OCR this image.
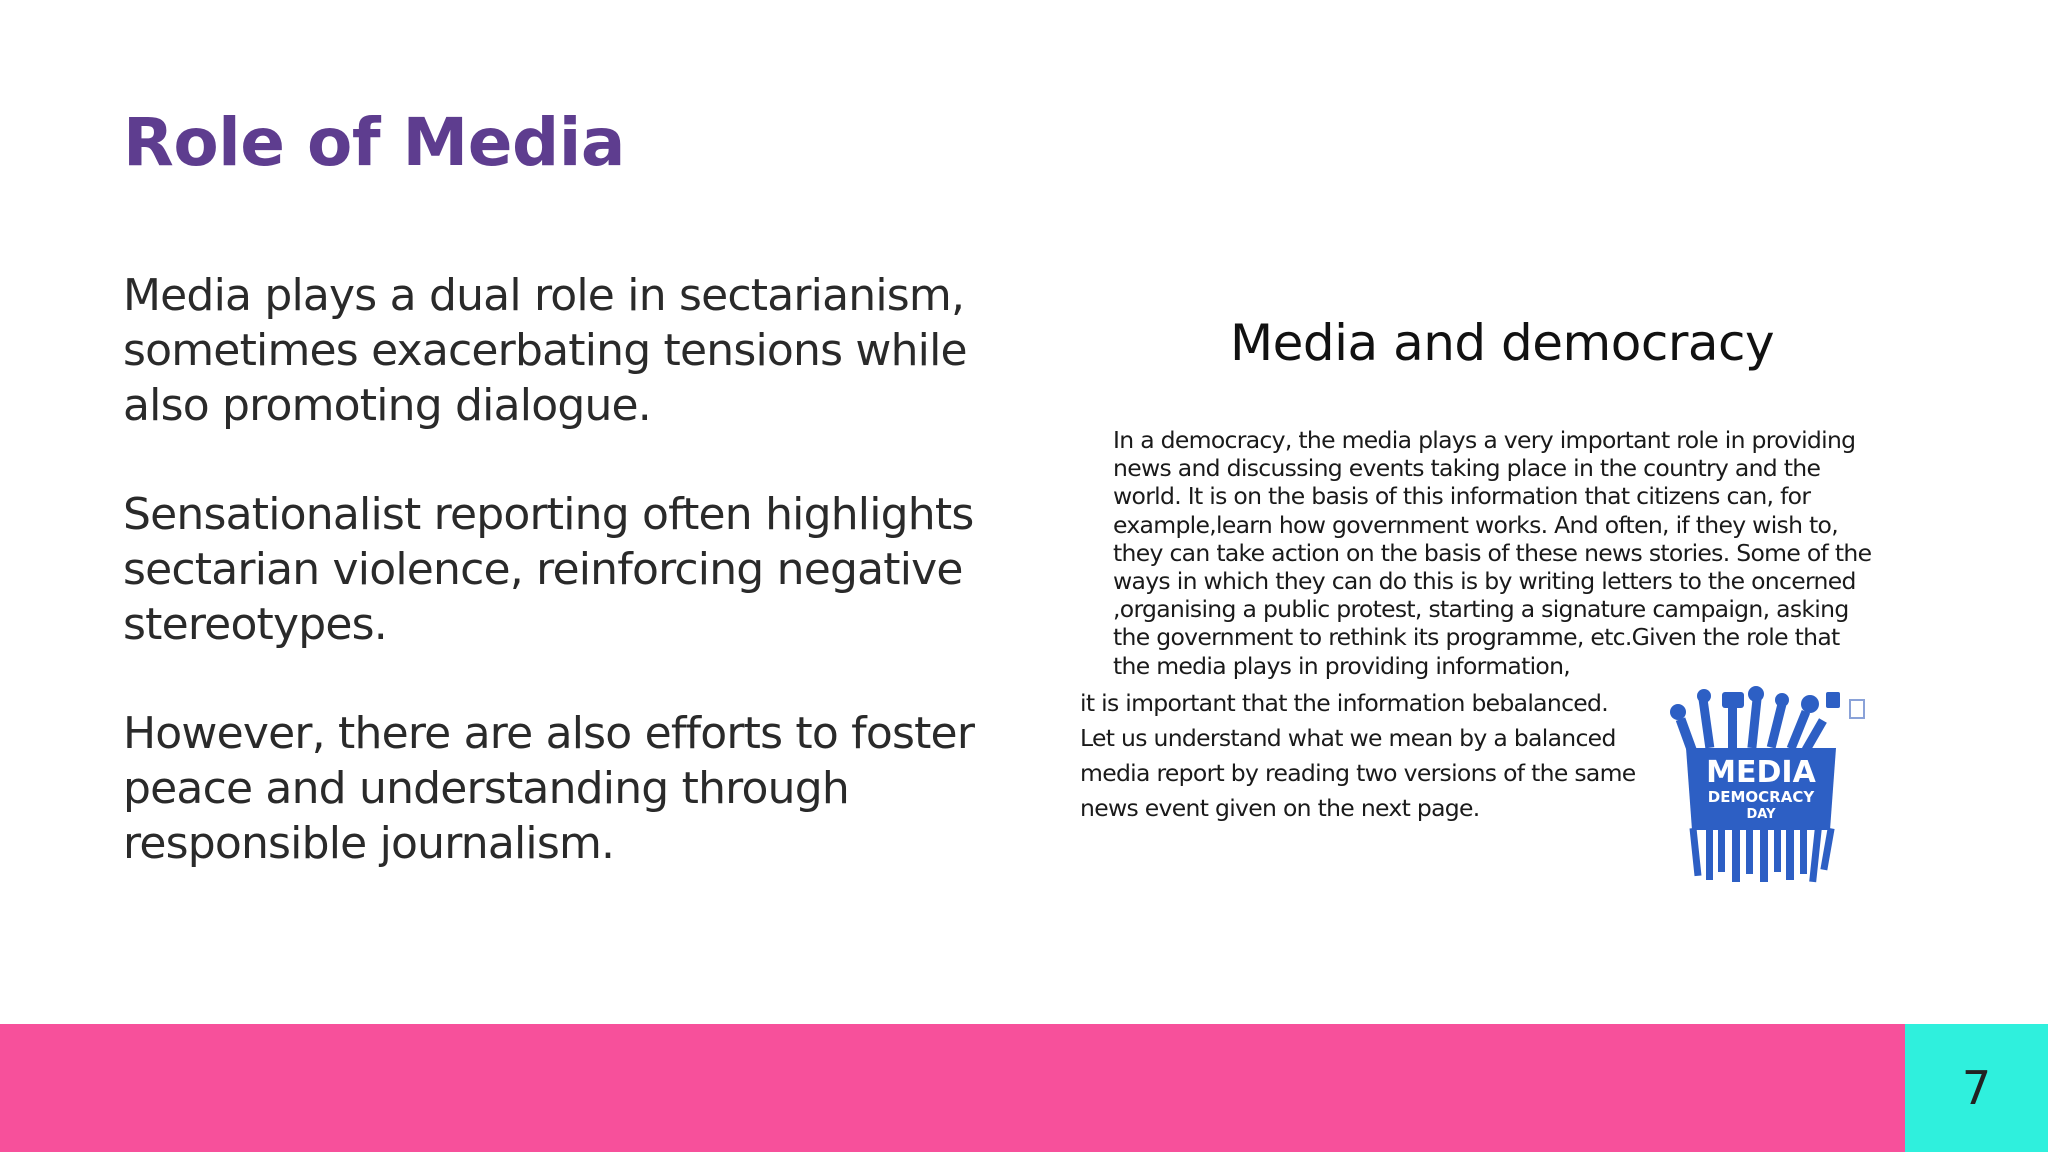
Role of Media

Media plays a dual role in sectarianism, sometimes exacerbating tensions while also promoting dialogue.

Sensationalist reporting often highlights sectarian violence, reinforcing negative stereotypes.

However, there are also efforts to foster peace and understanding through responsible journalism.

Media and democracy
In a democracy, the media plays a very important role in providing
news and discussing events taking place in the country and the
world. It is on the basis of this information that citizens can, for
example,learn how government works. And often, if they wish to,
they can take action on the basis of these news stories. Some of the
ways in which they can do this is by writing letters to the oncerned
,organising a public protest, starting a signature campaign, asking
the government to rethink its programme, etc.Given the role that
the media plays in providing information,
it is important that the information bebalanced.
Let us understand what we mean by a balanced
media report by reading two versions of the same
news event given on the next page.
MEDIA
DEMOCRACY
DAY
7
